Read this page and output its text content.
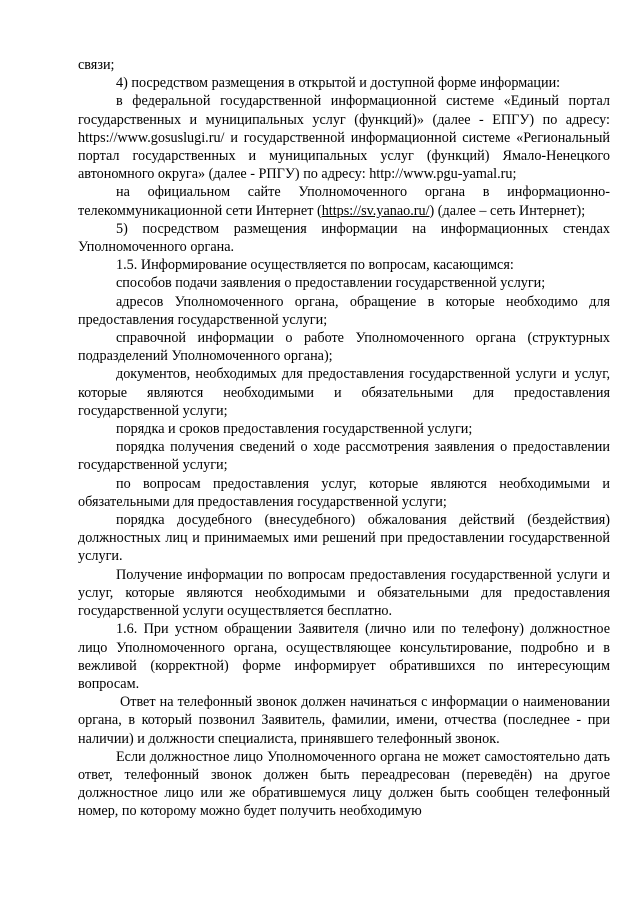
связи;

4) посредством размещения в открытой и доступной форме информации:

в федеральной государственной информационной системе «Единый портал государственных и муниципальных услуг (функций)» (далее - ЕПГУ) по адресу: https://www.gosuslugi.ru/ и государственной информационной системе «Региональный портал государственных и муниципальных услуг (функций) Ямало-Ненецкого автономного округа» (далее - РПГУ) по адресу: http://www.pgu-yamal.ru;

на официальном сайте Уполномоченного органа в информационно-телекоммуникационной сети Интернет (https://sv.yanao.ru/) (далее – сеть Интернет);

5) посредством размещения информации на информационных стендах Уполномоченного органа.

1.5. Информирование осуществляется по вопросам, касающимся:

способов подачи заявления о предоставлении государственной услуги;

адресов Уполномоченного органа, обращение в которые необходимо для предоставления государственной услуги;

справочной информации о работе Уполномоченного органа (структурных подразделений Уполномоченного органа);

документов, необходимых для предоставления государственной услуги и услуг, которые являются необходимыми и обязательными для предоставления государственной услуги;

порядка и сроков предоставления государственной услуги;

порядка получения сведений о ходе рассмотрения заявления о предоставлении государственной услуги;

по вопросам предоставления услуг, которые являются необходимыми и обязательными для предоставления государственной услуги;

порядка досудебного (внесудебного) обжалования действий (бездействия) должностных лиц и принимаемых ими решений при предоставлении государственной услуги.

Получение информации по вопросам предоставления государственной услуги и услуг, которые являются необходимыми и обязательными для предоставления государственной услуги осуществляется бесплатно.

1.6. При устном обращении Заявителя (лично или по телефону) должностное лицо Уполномоченного органа, осуществляющее консультирование, подробно и в вежливой (корректной) форме информирует обратившихся по интересующим вопросам.

Ответ на телефонный звонок должен начинаться с информации о наименовании органа, в который позвонил Заявитель, фамилии, имени, отчества (последнее - при наличии) и должности специалиста, принявшего телефонный звонок.

Если должностное лицо Уполномоченного органа не может самостоятельно дать ответ, телефонный звонок должен быть переадресован (переведён) на другое должностное лицо или же обратившемуся лицу должен быть сообщен телефонный номер, по которому можно будет получить необходимую
